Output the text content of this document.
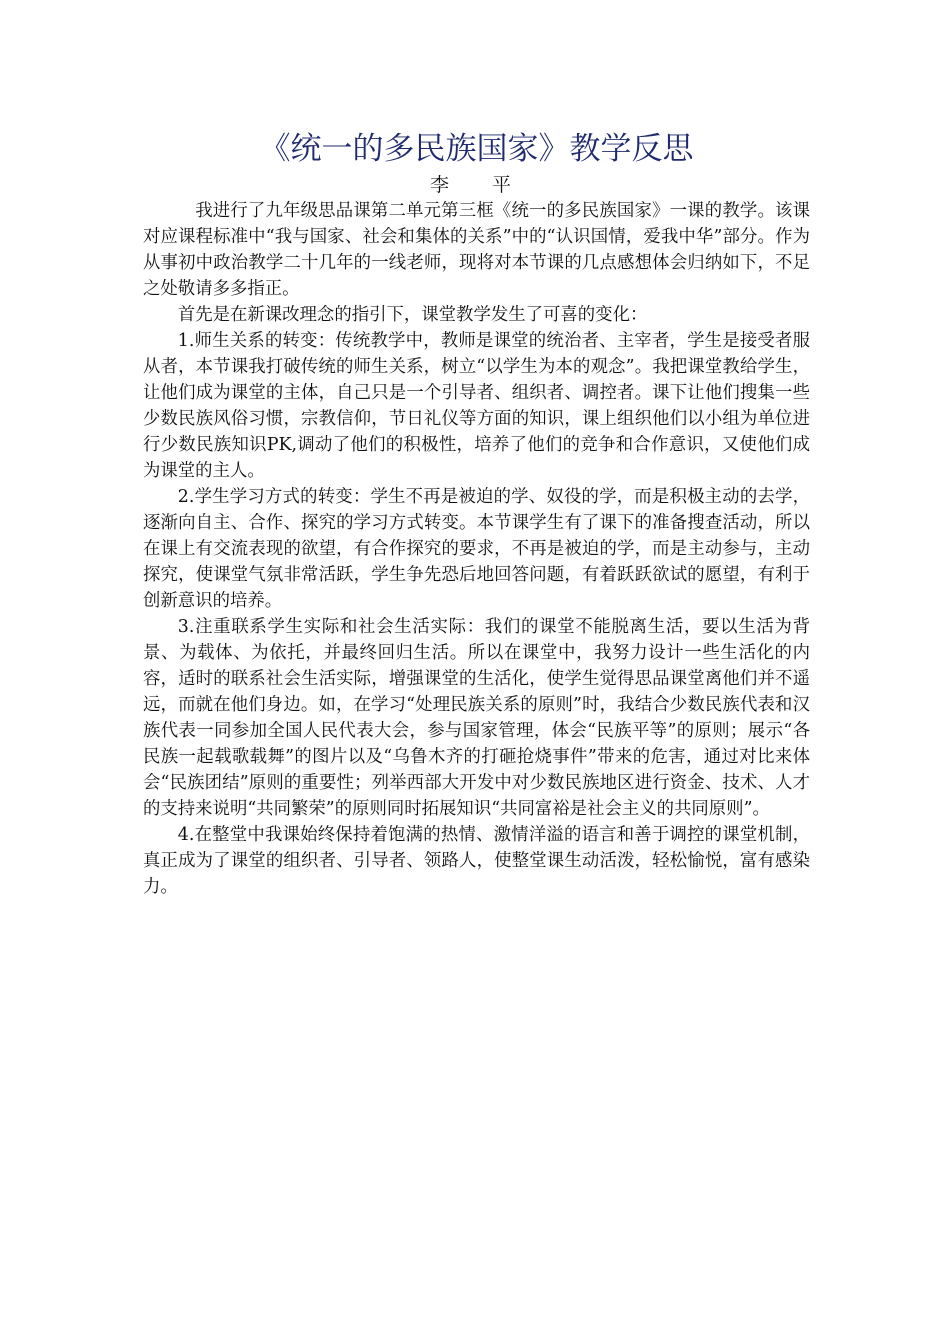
《统一的多民族国家》教学反思

李　平

我进行了九年级思品课第二单元第三框《统一的多民族国家》一课的教学。该课对应课程标准中“我与国家、社会和集体的关系”中的“认识国情，爱我中华”部分。作为从事初中政治教学二十几年的一线老师，现将对本节课的几点感想体会归纳如下，不足之处敬请多多指正。

首先是在新课改理念的指引下，课堂教学发生了可喜的变化：

1.师生关系的转变：传统教学中，教师是课堂的统治者、主宰者，学生是接受者服从者，本节课我打破传统的师生关系，树立“以学生为本的观念”。我把课堂教给学生，让他们成为课堂的主体，自己只是一个引导者、组织者、调控者。课下让他们搜集一些少数民族风俗习惯，宗教信仰，节日礼仪等方面的知识，课上组织他们以小组为单位进行少数民族知识PK,调动了他们的积极性，培养了他们的竞争和合作意识，又使他们成为课堂的主人。

2.学生学习方式的转变：学生不再是被迫的学、奴役的学，而是积极主动的去学，逐渐向自主、合作、探究的学习方式转变。本节课学生有了课下的准备搜查活动，所以在课上有交流表现的欲望，有合作探究的要求，不再是被迫的学，而是主动参与，主动探究，使课堂气氛非常活跃，学生争先恐后地回答问题，有着跃跃欲试的愿望，有利于创新意识的培养。

3.注重联系学生实际和社会生活实际：我们的课堂不能脱离生活，要以生活为背景、为载体、为依托，并最终回归生活。所以在课堂中，我努力设计一些生活化的内容，适时的联系社会生活实际，增强课堂的生活化，使学生觉得思品课堂离他们并不遥远，而就在他们身边。如，在学习“处理民族关系的原则”时，我结合少数民族代表和汉族代表一同参加全国人民代表大会，参与国家管理，体会“民族平等”的原则；展示“各民族一起载歌载舞”的图片以及“乌鲁木齐的打砸抢烧事件”带来的危害，通过对比来体会“民族团结”原则的重要性；列举西部大开发中对少数民族地区进行资金、技术、人才的支持来说明“共同繁荣”的原则同时拓展知识“共同富裕是社会主义的共同原则”。

4.在整堂中我课始终保持着饱满的热情、激情洋溢的语言和善于调控的课堂机制，真正成为了课堂的组织者、引导者、领路人，使整堂课生动活泼，轻松愉悦，富有感染力。
